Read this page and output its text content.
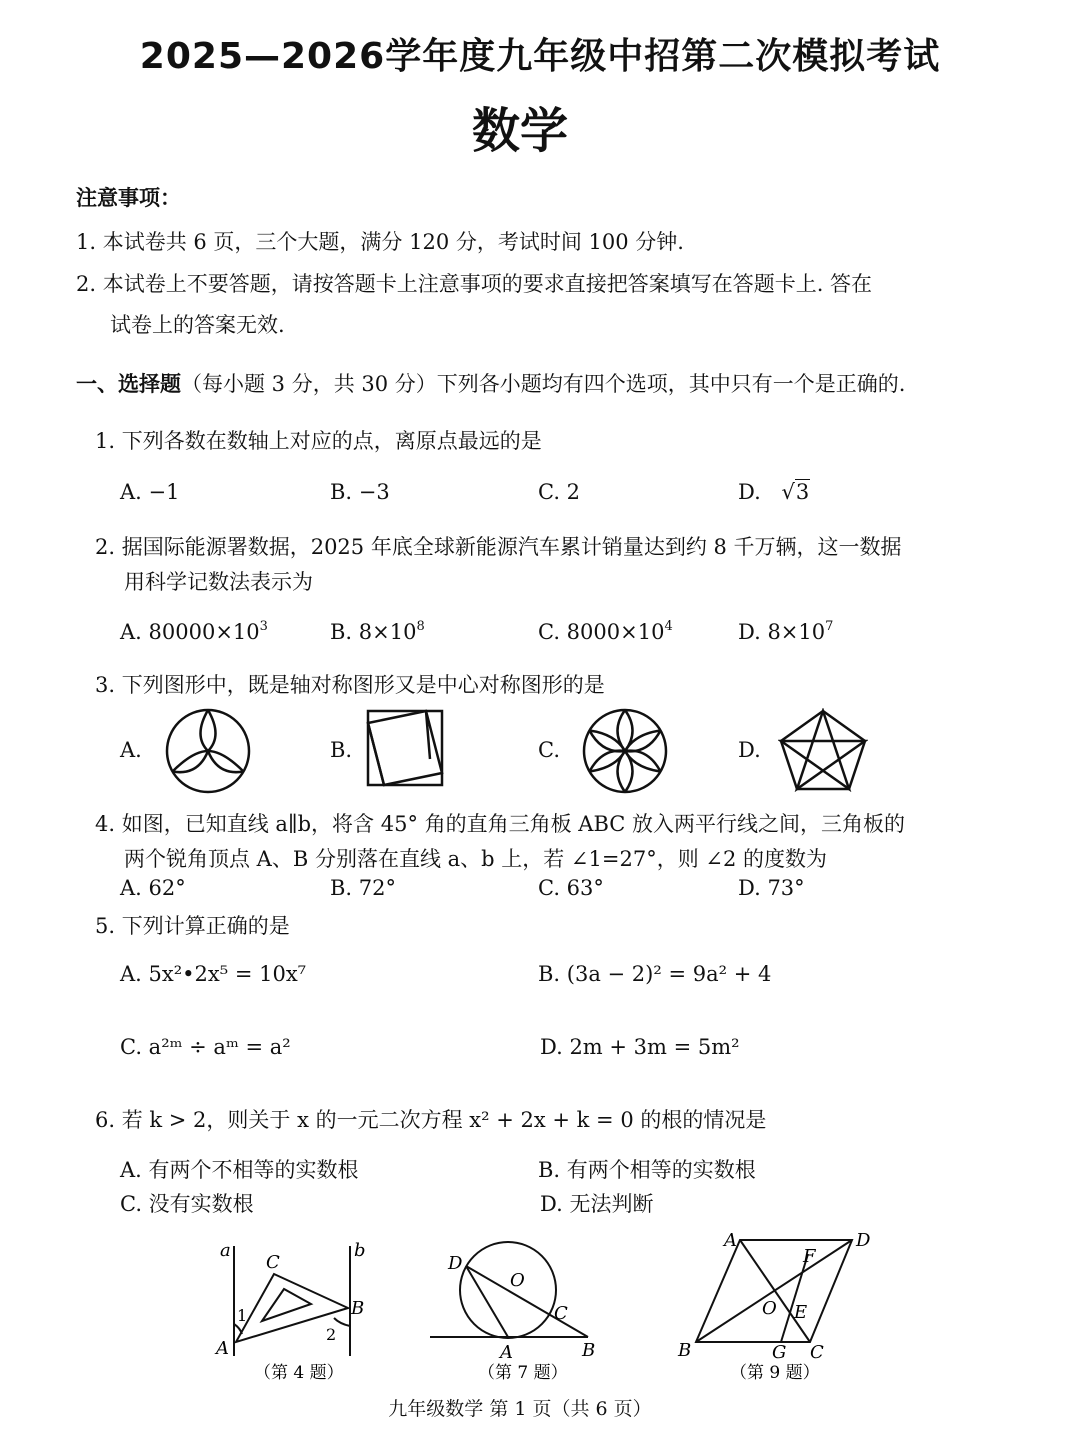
2025—2026学年度九年级中招第二次模拟考试
数学
注意事项：
1. 本试卷共 6 页，三个大题，满分 120 分，考试时间 100 分钟.
2. 本试卷上不要答题，请按答题卡上注意事项的要求直接把答案填写在答题卡上. 答在
试卷上的答案无效.
一、选择题（每小题 3 分，共 30 分）下列各小题均有四个选项，其中只有一个是正确的.
1. 下列各数在数轴上对应的点，离原点最远的是
A. −1	B. −3	C. 2	D. √3
2. 据国际能源署数据，2025 年底全球新能源汽车累计销量达到约 8 千万辆，这一数据
用科学记数法表示为
A. $80000\times 10^3$	B. $8\times 10^8$	C. $8000\times 10^4$	D. $8\times 10^7$
3. 下列图形中，既是轴对称图形又是中心对称图形的是
A.	B.	C.	D.
4. 如图，已知直线 a∥b，将含 45° 角的直角三角板 ABC 放入两平行线之间，三角板的
两个锐角顶点 A、B 分别落在直线 a、b 上，若 ∠1=27°，则 ∠2 的度数为
A. 62°	B. 72°	C. 63°	D. 73°
5. 下列计算正确的是
A. 5x²•2x⁵ = 10x⁷	B. (3a − 2)² = 9a² + 4
C. a²ᵐ ÷ aᵐ = a²	D. 2m + 3m = 5m²
6. 若 k > 2，则关于 x 的一元二次方程 x² + 2x + k = 0 的根的情况是
A. 有两个不相等的实数根	B. 有两个相等的实数根
C. 没有实数根	D. 无法判断
a	b
C
B
A
1
2
（第 4 题）
D
O
C
A	B
（第 7 题）
A	D
F
O E
B	G C
（第 9 题）
九年级数学 第 1 页（共 6 页）
